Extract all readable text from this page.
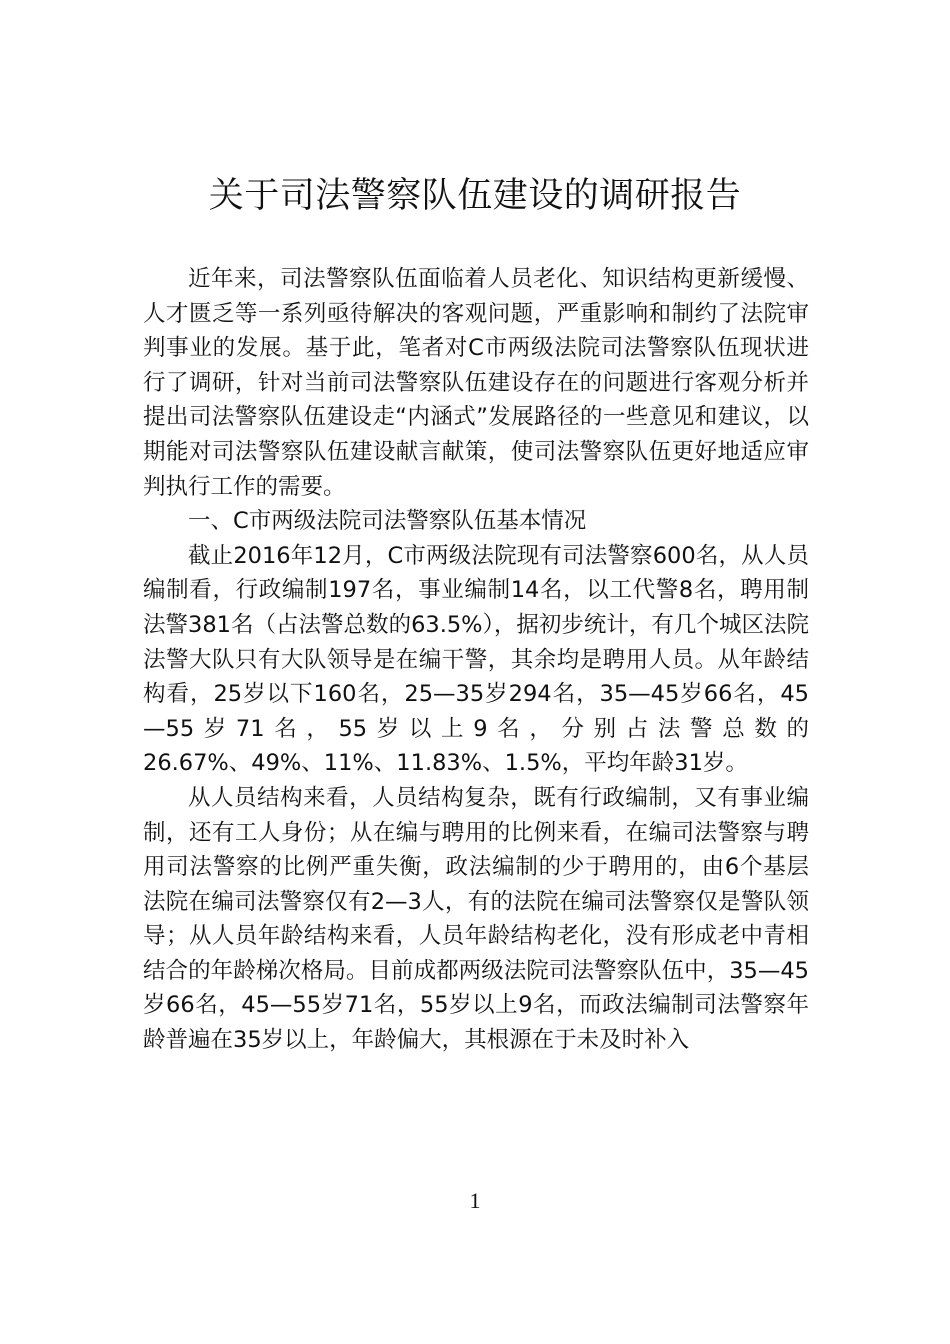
关于司法警察队伍建设的调研报告

近年来，司法警察队伍面临着人员老化、知识结构更新缓慢、人才匮乏等一系列亟待解决的客观问题，严重影响和制约了法院审判事业的发展。基于此，笔者对C市两级法院司法警察队伍现状进行了调研，针对当前司法警察队伍建设存在的问题进行客观分析并提出司法警察队伍建设走“内涵式”发展路径的一些意见和建议，以期能对司法警察队伍建设献言献策，使司法警察队伍更好地适应审判执行工作的需要。

一、C市两级法院司法警察队伍基本情况

截止2016年12月，C市两级法院现有司法警察600名，从人员编制看，行政编制197名，事业编制14名，以工代警8名，聘用制法警381名（占法警总数的63.5%），据初步统计，有几个城区法院法警大队只有大队领导是在编干警，其余均是聘用人员。从年龄结构看，25岁以下160名，25—35岁294名，35—45岁66名，45—55岁71名，55岁以上9名，分别占法警总数的

26.67%、49%、11%、11.83%、1.5%，平均年龄31岁。

从人员结构来看，人员结构复杂，既有行政编制，又有事业编制，还有工人身份；从在编与聘用的比例来看，在编司法警察与聘用司法警察的比例严重失衡，政法编制的少于聘用的，由6个基层法院在编司法警察仅有2—3人，有的法院在编司法警察仅是警队领导；从人员年龄结构来看，人员年龄结构老化，没有形成老中青相结合的年龄梯次格局。目前成都两级法院司法警察队伍中，35—45岁66名，45—55岁71名，55岁以上9名，而政法编制司法警察年龄普遍在35岁以上，年龄偏大，其根源在于未及时补入

1
